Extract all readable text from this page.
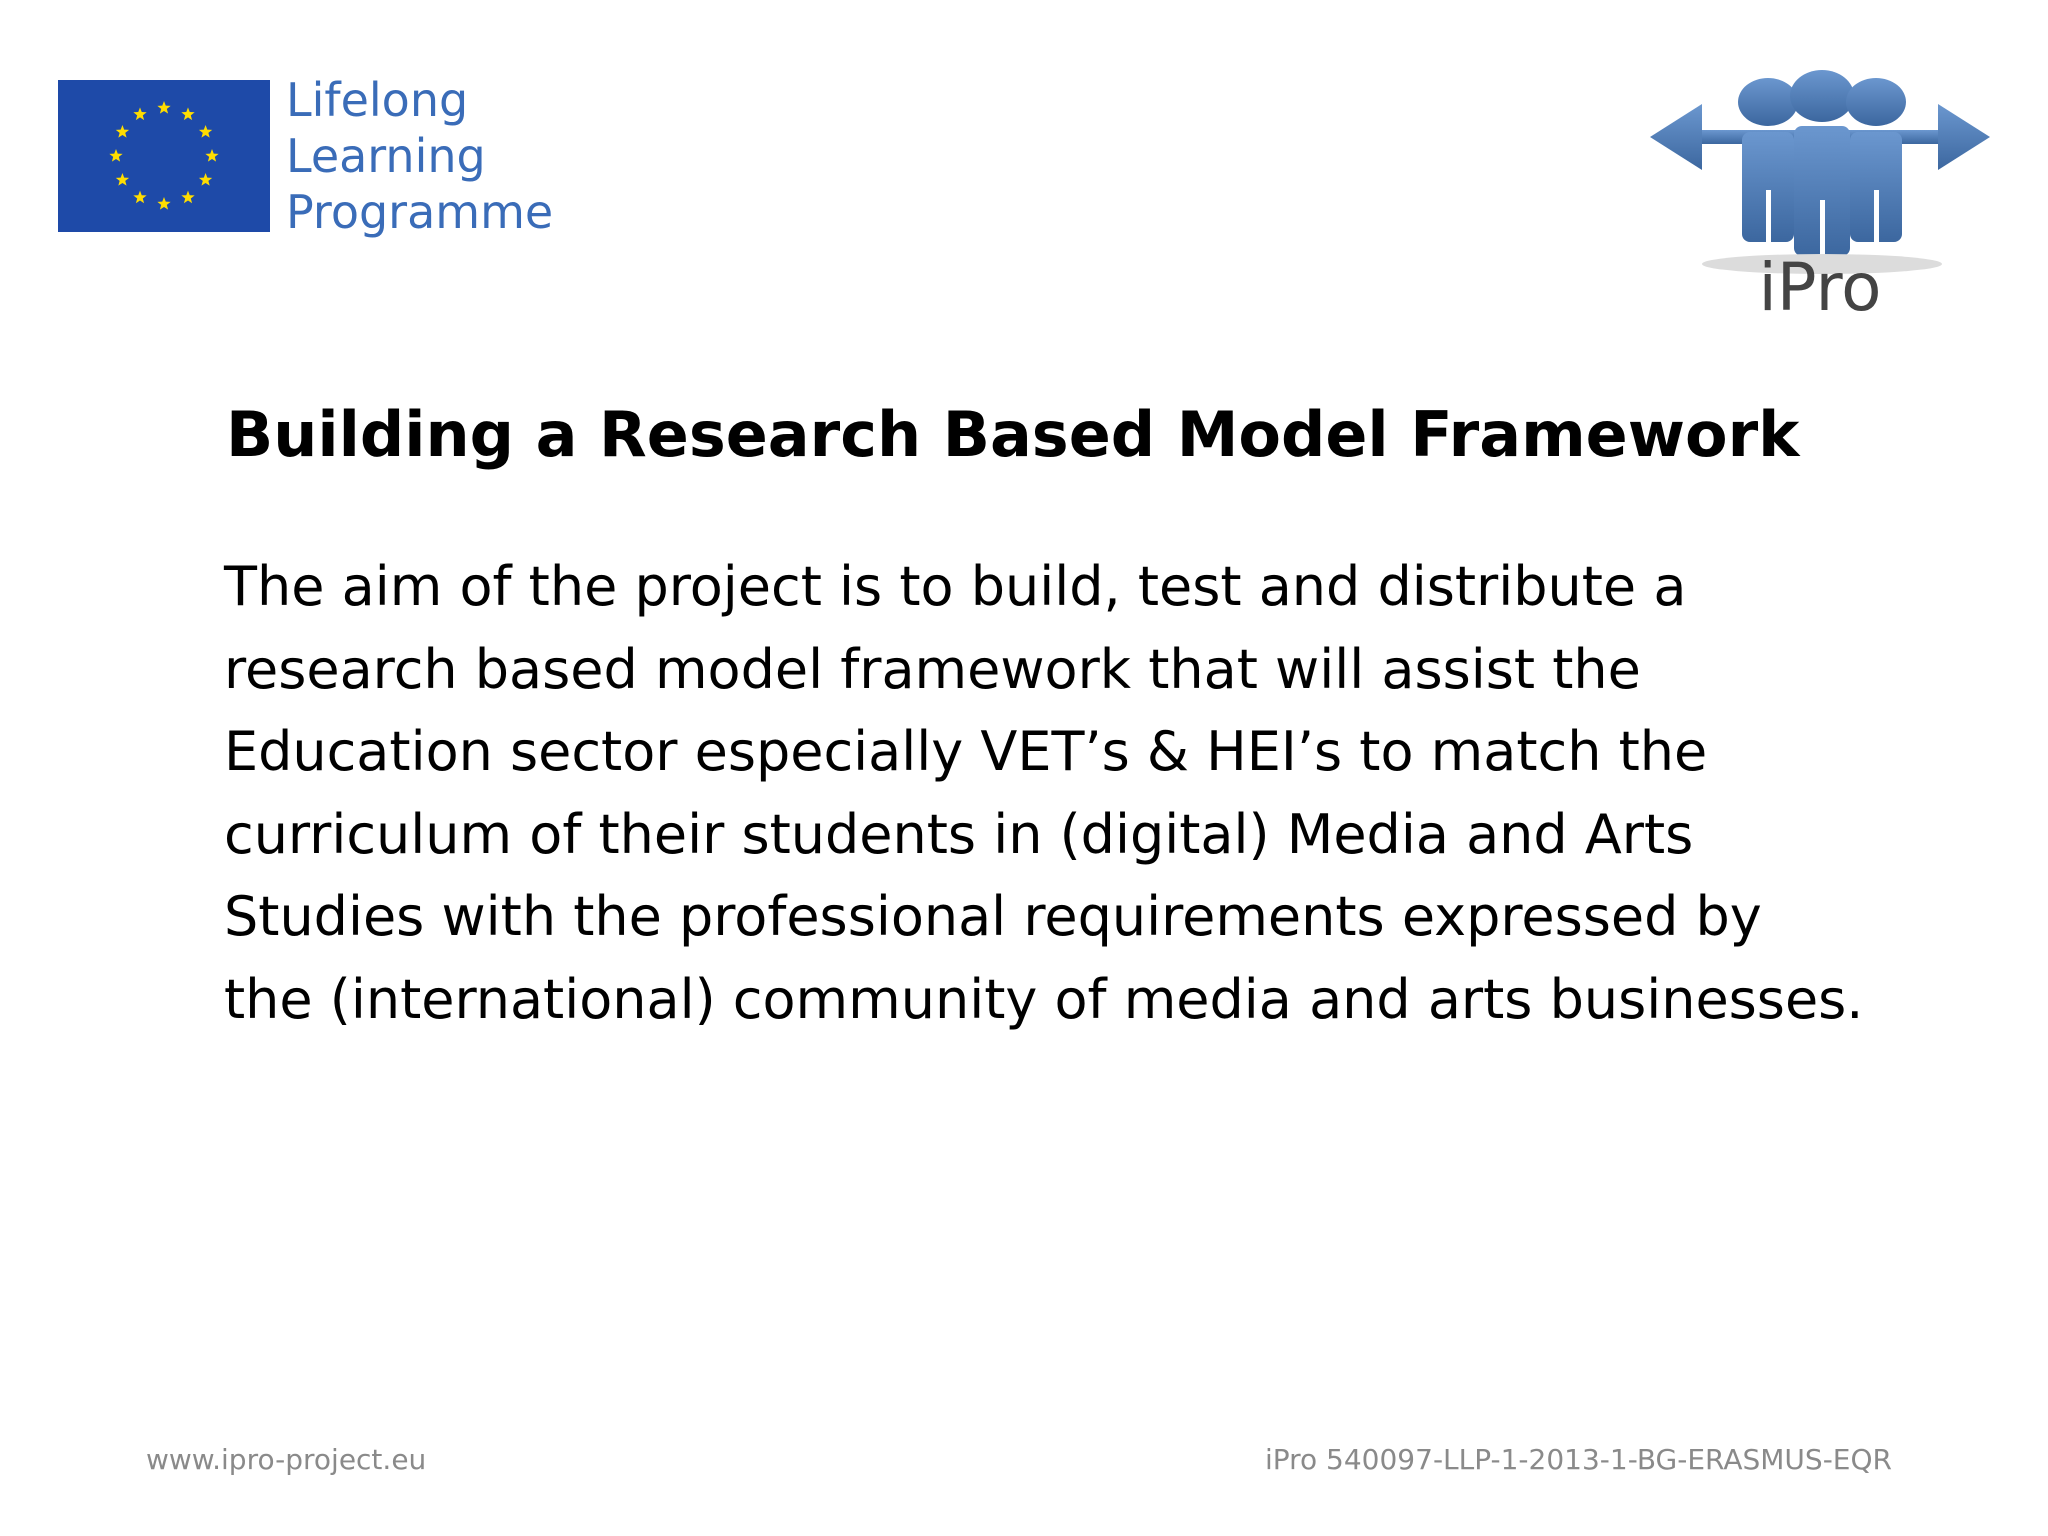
Lifelong
Learning
Programme
iPro
Building a Research Based Model Framework

The aim of the project is to build, test and distribute a research based model framework that will assist the Education sector especially VET’s & HEI’s to match the curriculum of their students in (digital) Media and Arts Studies with the professional requirements expressed by the (international) community of media and arts businesses.

www.ipro-project.eu	iPro 540097-LLP-1-2013-1-BG-ERASMUS-EQR
